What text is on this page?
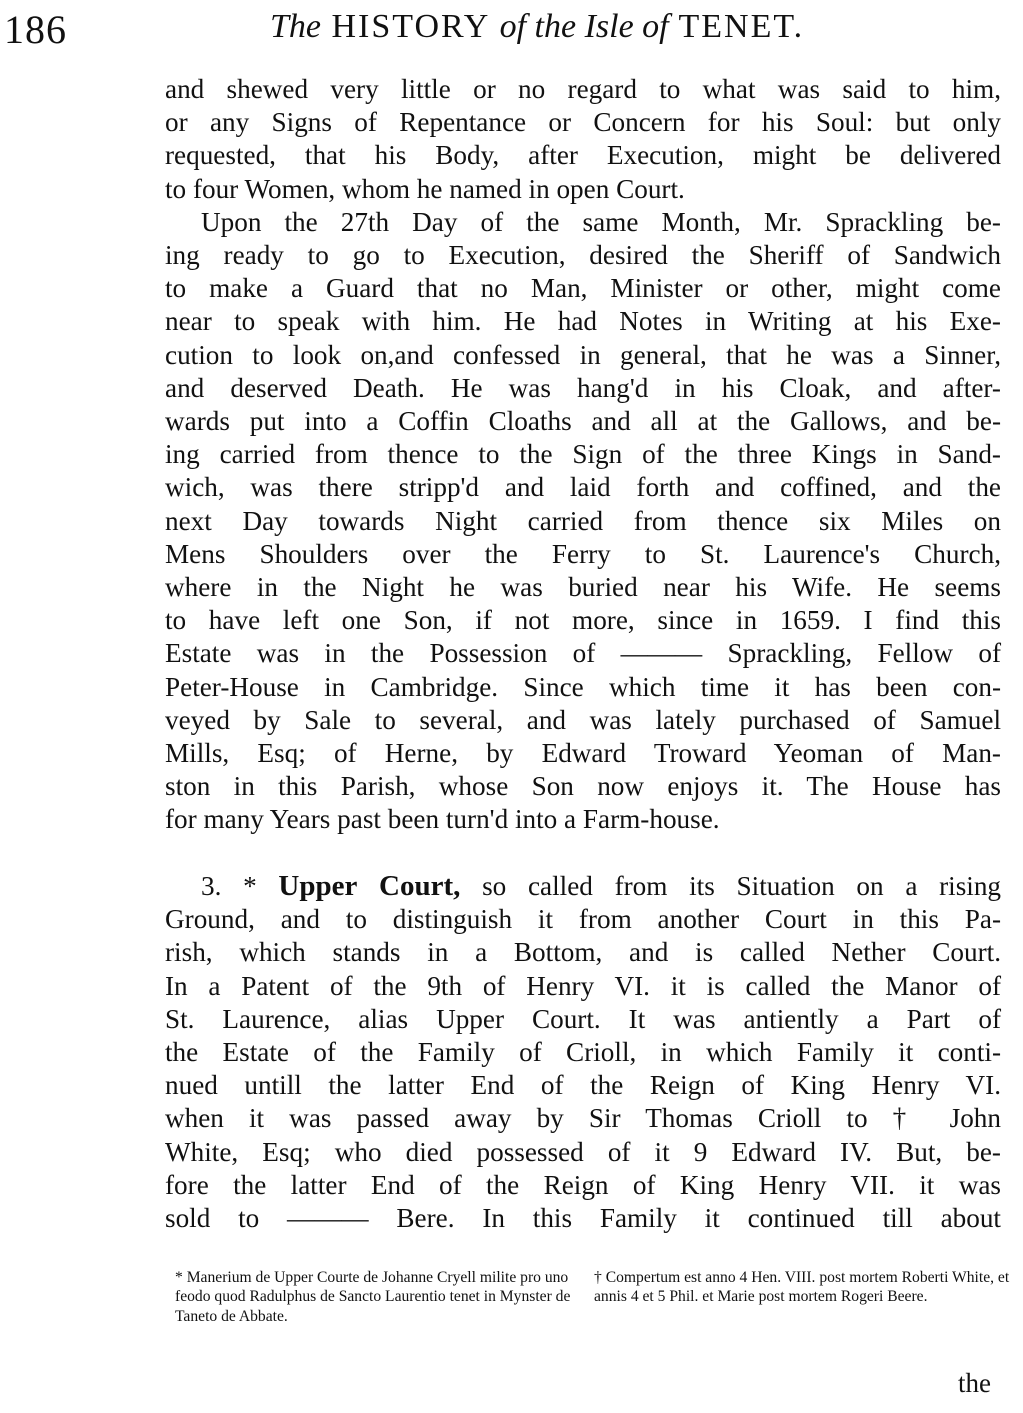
186	The HISTORY of the Isle of TENET.
and shewed very little or no regard to what was said to him,
or any Signs of Repentance or Concern for his Soul: but only
requested, that his Body, after Execution, might be delivered
to four Women, whom he named in open Court.
Upon the 27th Day of the same Month, Mr. Sprackling be-
ing ready to go to Execution, desired the Sheriff of Sandwich
to make a Guard that no Man, Minister or other, might come
near to speak with him. He had Notes in Writing at his Exe-
cution to look on,and confessed in general, that he was a Sinner,
and deserved Death. He was hang'd in his Cloak, and after-
wards put into a Coffin Cloaths and all at the Gallows, and be-
ing carried from thence to the Sign of the three Kings in Sand-
wich, was there stripp'd and laid forth and coffined, and the
next Day towards Night carried from thence six Miles on
Mens Shoulders over the Ferry to St. Laurence's Church,
where in the Night he was buried near his Wife. He seems
to have left one Son, if not more, since in 1659. I find this
Estate was in the Possession of ——— Sprackling, Fellow of
Peter-House in Cambridge. Since which time it has been con-
veyed by Sale to several, and was lately purchased of Samuel
Mills, Esq; of Herne, by Edward Troward Yeoman of Man-
ston in this Parish, whose Son now enjoys it. The House has
for many Years past been turn'd into a Farm-house.
3. * Upper Court, so called from its Situation on a rising
Ground, and to distinguish it from another Court in this Pa-
rish, which stands in a Bottom, and is called Nether Court.
In a Patent of the 9th of Henry VI. it is called the Manor of
St. Laurence, alias Upper Court. It was antiently a Part of
the Estate of the Family of Crioll, in which Family it conti-
nued untill the latter End of the Reign of King Henry VI.
when it was passed away by Sir Thomas Crioll to † John
White, Esq; who died possessed of it 9 Edward IV. But, be-
fore the latter End of the Reign of King Henry VII. it was
sold to ——— Bere. In this Family it continued till about
* Manerium de Upper Courte de Johanne Cryell milite pro uno feodo quod Radulphus de Sancto Laurentio tenet in Mynster de Taneto de Abbate.
† Compertum est anno 4 Hen. VIII. post mortem Roberti White, et annis 4 et 5 Phil. et Marie post mortem Rogeri Beere.
the
